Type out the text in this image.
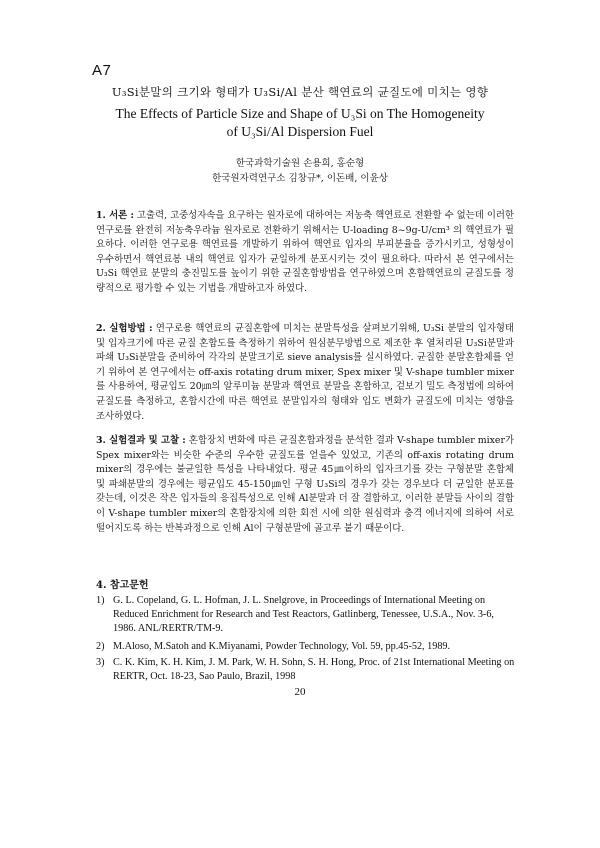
A7
U₃Si분말의 크기와 형태가 U₃Si/Al 분산 핵연료의 균질도에 미치는 영향
The Effects of Particle Size and Shape of U₃Si on The Homogeneity
of U₃Si/Al Dispersion Fuel
한국과학기술원 손용희, 홍순형
한국원자력연구소 김창규*, 이돈배, 이윤상
1. 서론 : 고출력, 고중성자속을 요구하는 원자로에 대하여는 저농축 핵연료로 전환할 수 없는데 이러한 연구로를 완전히 저농축우라늄 원자로로 전환하기 위해서는 U-loading 8~9g-U/cm³ 의 핵연료가 필요하다. 이러한 연구로용 핵연료를 개발하기 위하여 핵연료 입자의 부피분율을 증가시키고, 성형성이 우수하면서 핵연료봉 내의 핵연료 입자가 균일하게 분포시키는 것이 필요하다. 따라서 본 연구에서는 U₃Si 핵연료 분말의 충진밀도를 높이기 위한 균질혼합방법을 연구하였으며 혼합핵연료의 균질도를 정량적으로 평가할 수 있는 기법을 개발하고자 하였다.
2. 실험방법 : 연구로용 핵연료의 균질혼합에 미치는 분말특성을 살펴보기위해, U₃Si 분말의 입자형태 및 입자크기에 따른 균질 혼합도를 측정하기 위하여 원심분무방법으로 제조한 후 열처리된 U₃Si분말과 파쇄 U₃Si분말을 준비하여 각각의 분말크기로 sieve analysis를 실시하였다. 균질한 분말혼합체를 얻기 위하여 본 연구에서는 off-axis rotating drum mixer, Spex mixer 및 V-shape tumbler mixer를 사용하여, 평균입도 20㎛의 알루미늄 분말과 핵연료 분말을 혼합하고, 겉보기 밀도 측정법에 의하여 균질도를 측정하고, 혼합시간에 따른 핵연료 분말입자의 형태와 입도 변화가 균질도에 미치는 영향을 조사하였다.
3. 실험결과 및 고찰 : 혼합장치 변화에 따른 균질혼합과정을 분석한 결과 V-shape tumbler mixer가 Spex mixer와는 비슷한 수준의 우수한 균질도를 얻을수 있었고, 기존의 off-axis rotating drum mixer의 경우에는 불균일한 특성을 나타내었다. 평균 45㎛이하의 입자크기를 갖는 구형분말 혼합체 및 파쇄분말의 경우에는 평균입도 45-150㎛인 구형 U₃Si의 경우가 갖는 경우보다 더 균일한 분포를 갖는데, 이것은 작은 입자들의 응집특성으로 인해 Al분말과 더 잘 결합하고, 이러한 분말들 사이의 결합이 V-shape tumbler mixer의 혼합장치에 의한 회전 시에 의한 원심력과 충격 에너지에 의하여 서로 떨어지도록 하는 반복과정으로 인해 Al이 구형분말에 골고루 붙기 때문이다.
4. 참고문헌
1) G. L. Copeland, G. L. Hofman, J. L. Snelgrove, in Proceedings of International Meeting on Reduced Enrichment for Research and Test Reactors, Gatlinberg, Tenessee, U.S.A., Nov. 3-6, 1986. ANL/RERTR/TM-9.
2) M.Aloso, M.Satoh and K.Miyanami, Powder Technology, Vol. 59, pp.45-52, 1989.
3) C. K. Kim, K. H. Kim, J. M. Park, W. H. Sohn, S. H. Hong, Proc. of 21st International Meeting on RERTR, Oct. 18-23, Sao Paulo, Brazil, 1998
20
